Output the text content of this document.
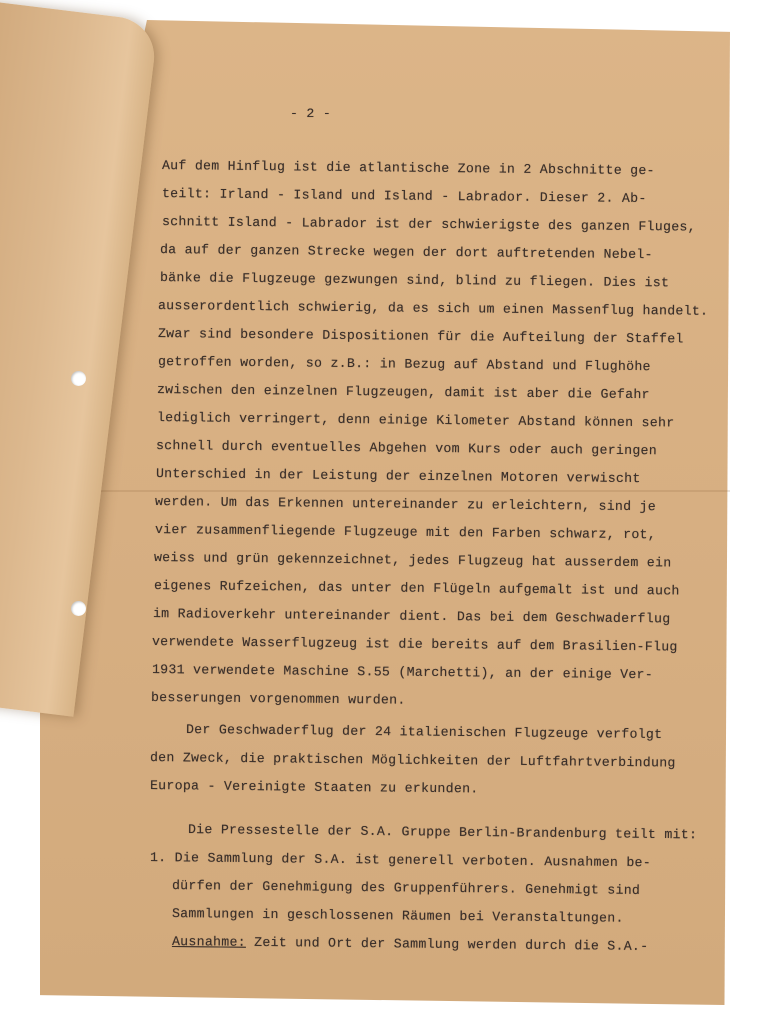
- 2 -
Auf dem Hinflug ist die atlantische Zone in 2 Abschnitte ge-
teilt: Irland - Island und Island - Labrador. Dieser 2. Ab-
schnitt Island - Labrador ist der schwierigste des ganzen Fluges,
da auf der ganzen Strecke wegen der dort auftretenden Nebel-
bänke die Flugzeuge gezwungen sind, blind zu fliegen. Dies ist
ausserordentlich schwierig, da es sich um einen Massenflug handelt.
Zwar sind besondere Dispositionen für die Aufteilung der Staffel
getroffen worden, so z.B.: in Bezug auf Abstand und Flughöhe
zwischen den einzelnen Flugzeugen, damit ist aber die Gefahr
lediglich verringert, denn einige Kilometer Abstand können sehr
schnell durch eventuelles Abgehen vom Kurs oder auch geringen
Unterschied in der Leistung der einzelnen Motoren verwischt
werden. Um das Erkennen untereinander zu erleichtern, sind je
vier zusammenfliegende Flugzeuge mit den Farben schwarz, rot,
weiss und grün gekennzeichnet, jedes Flugzeug hat ausserdem ein
eigenes Rufzeichen, das unter den Flügeln aufgemalt ist und auch
im Radioverkehr untereinander dient. Das bei dem Geschwaderflug
verwendete Wasserflugzeug ist die bereits auf dem Brasilien-Flug
1931 verwendete Maschine S.55 (Marchetti), an der einige Ver-
besserungen vorgenommen wurden.
Der Geschwaderflug der 24 italienischen Flugzeuge verfolgt
den Zweck, die praktischen Möglichkeiten der Luftfahrtverbindung
Europa - Vereinigte Staaten zu erkunden.
Die Pressestelle der S.A. Gruppe Berlin-Brandenburg teilt mit:
1. Die Sammlung der S.A. ist generell verboten. Ausnahmen be-
dürfen der Genehmigung des Gruppenführers. Genehmigt sind
Sammlungen in geschlossenen Räumen bei Veranstaltungen.
Ausnahme: Zeit und Ort der Sammlung werden durch die S.A.-
